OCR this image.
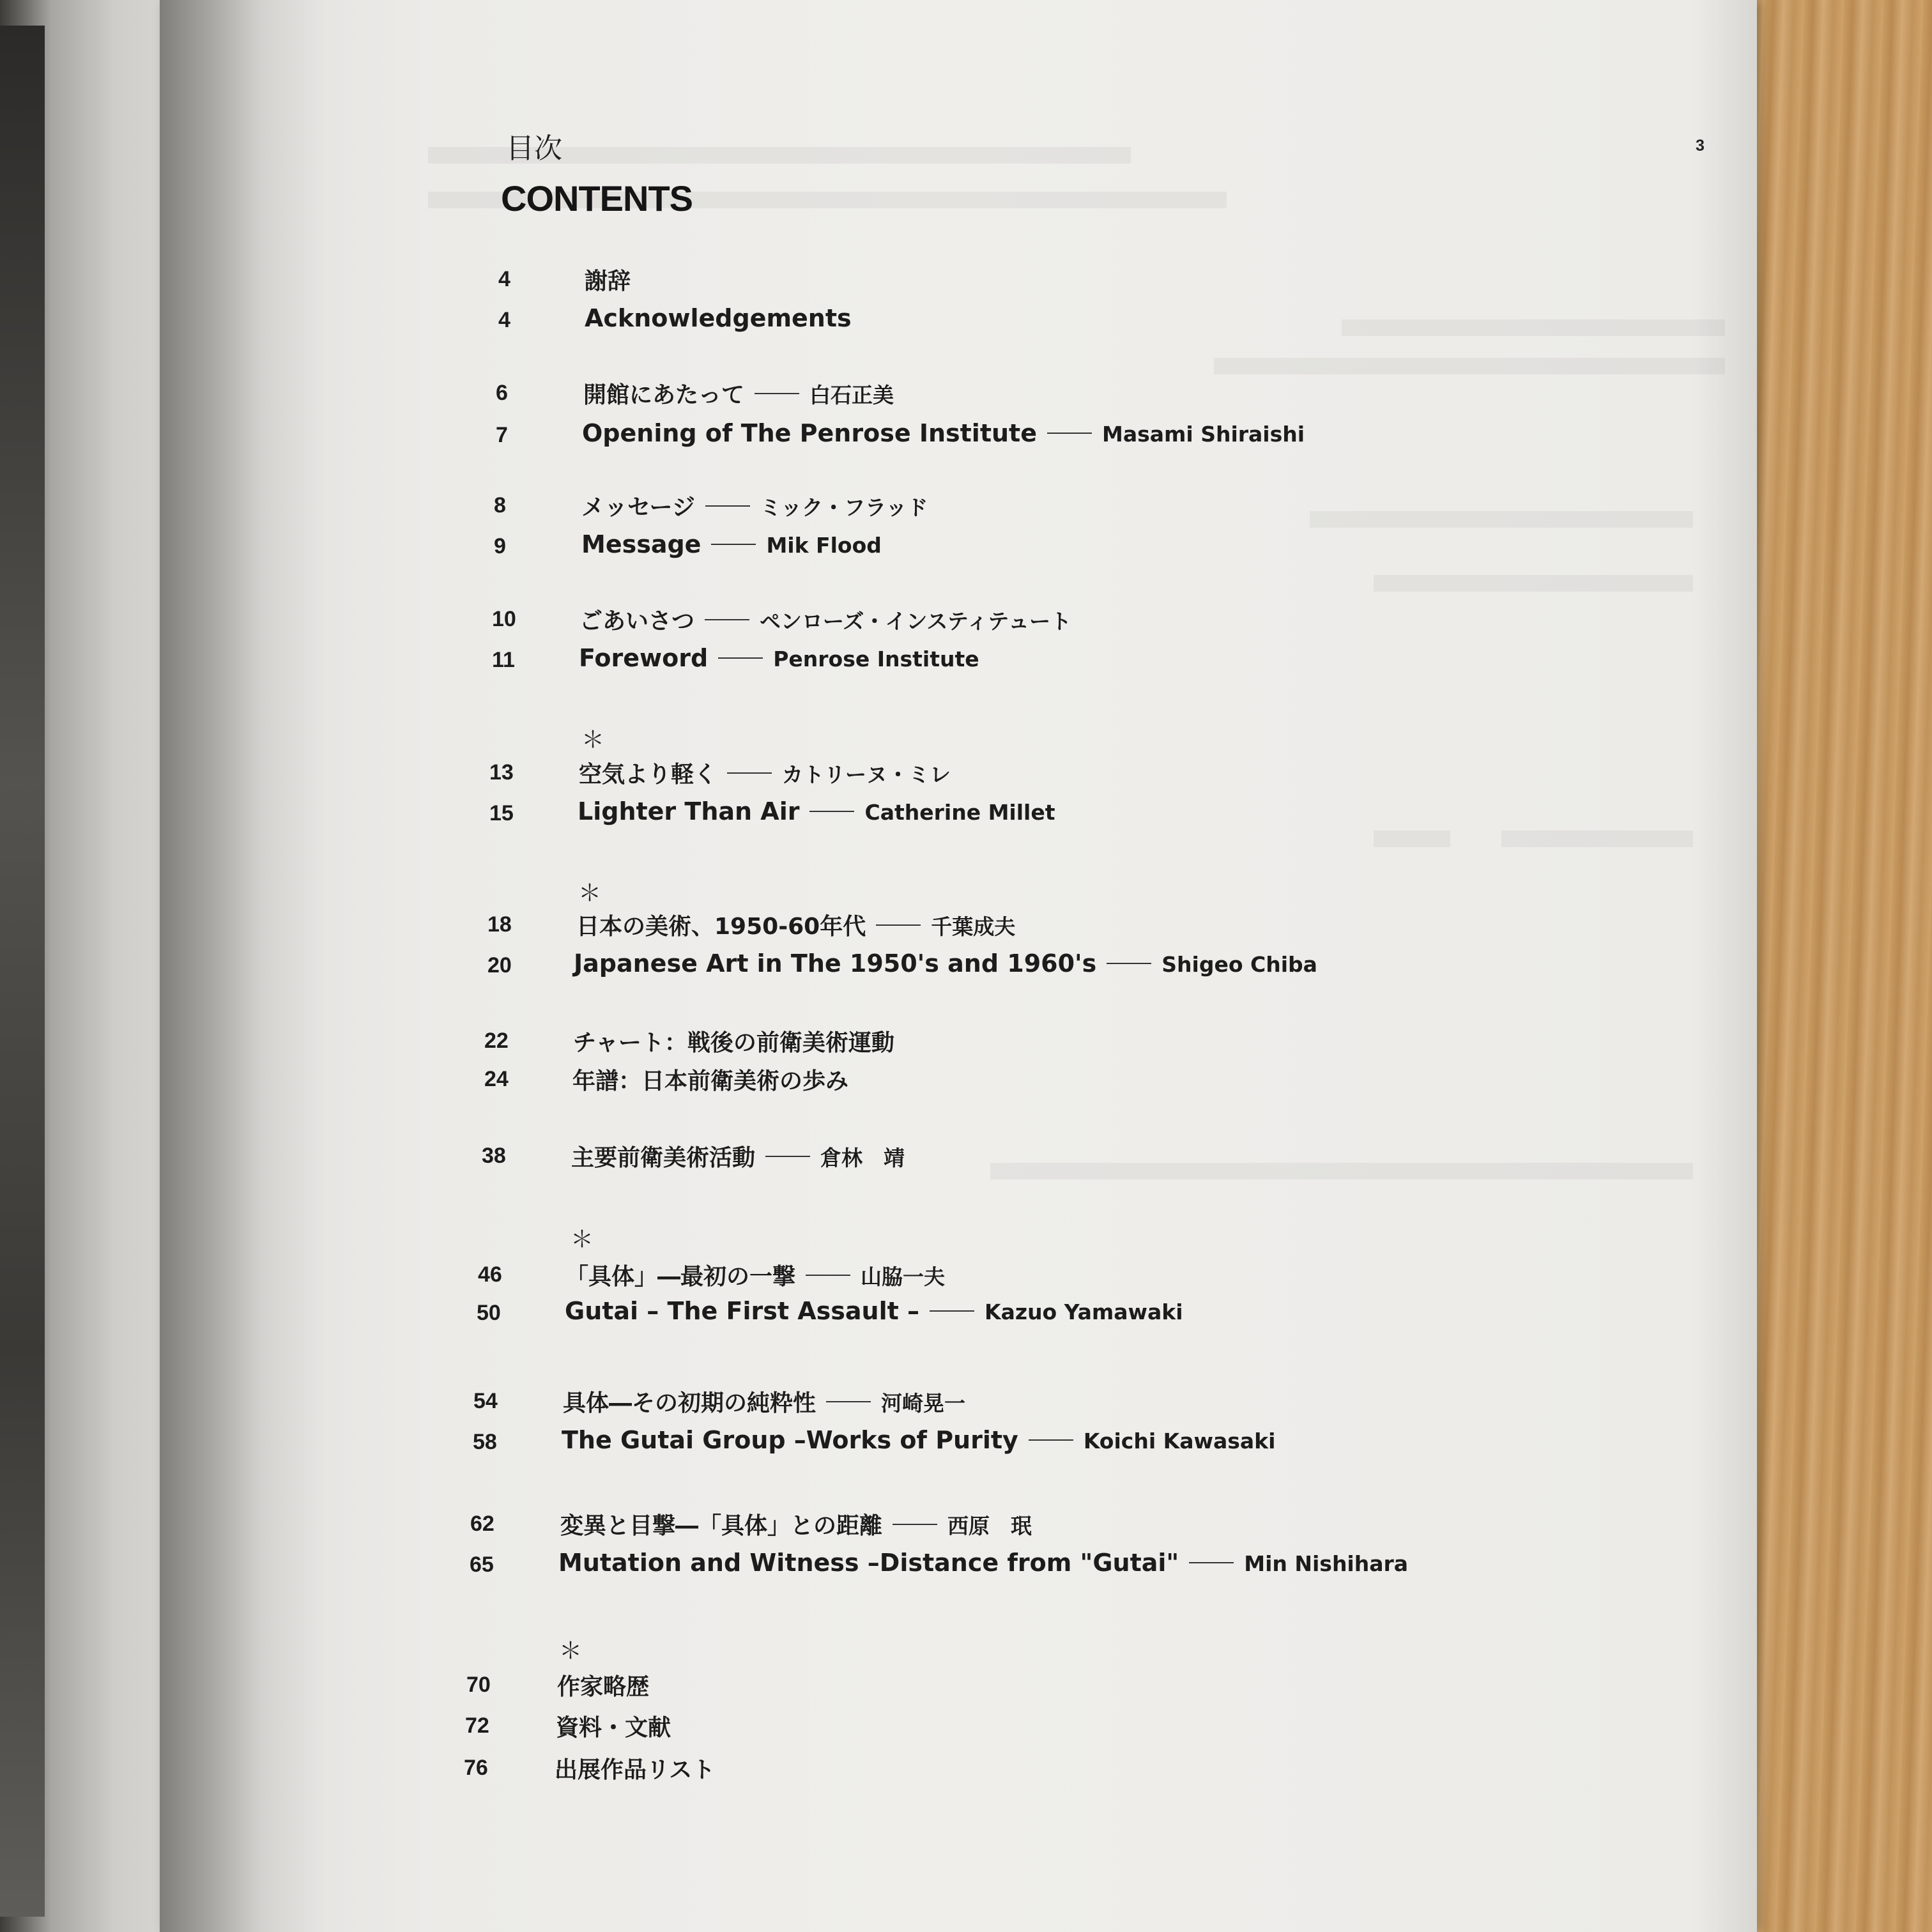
3
目次
CONTENTS
4	謝辞
4	Acknowledgements
6	開館にあたって	白石正美
7	Opening of The Penrose Institute	Masami Shiraishi
8	メッセージ	ミック・フラッド
9	Message	Mik Flood
10	ごあいさつ	ペンローズ・インスティテュート
11	Foreword	Penrose Institute
13	空気より軽く	カトリーヌ・ミレ
15	Lighter Than Air	Catherine Millet
18	日本の美術、1950-60年代	千葉成夫
20	Japanese Art in The 1950's and 1960's	Shigeo Chiba
22	チャート：戦後の前衛美術運動
24	年譜：日本前衛美術の歩み
38	主要前衛美術活動	倉林　靖
46	「具体」―最初の一撃	山脇一夫
50	Gutai – The First Assault –	Kazuo Yamawaki
54	具体―その初期の純粋性	河崎晃一
58	The Gutai Group –Works of Purity	Koichi Kawasaki
62	変異と目撃―「具体」との距離	西原　珉
65	Mutation and Witness –Distance from "Gutai"	Min Nishihara
70	作家略歴
72	資料・文献
76	出展作品リスト
＊
＊
＊
＊
